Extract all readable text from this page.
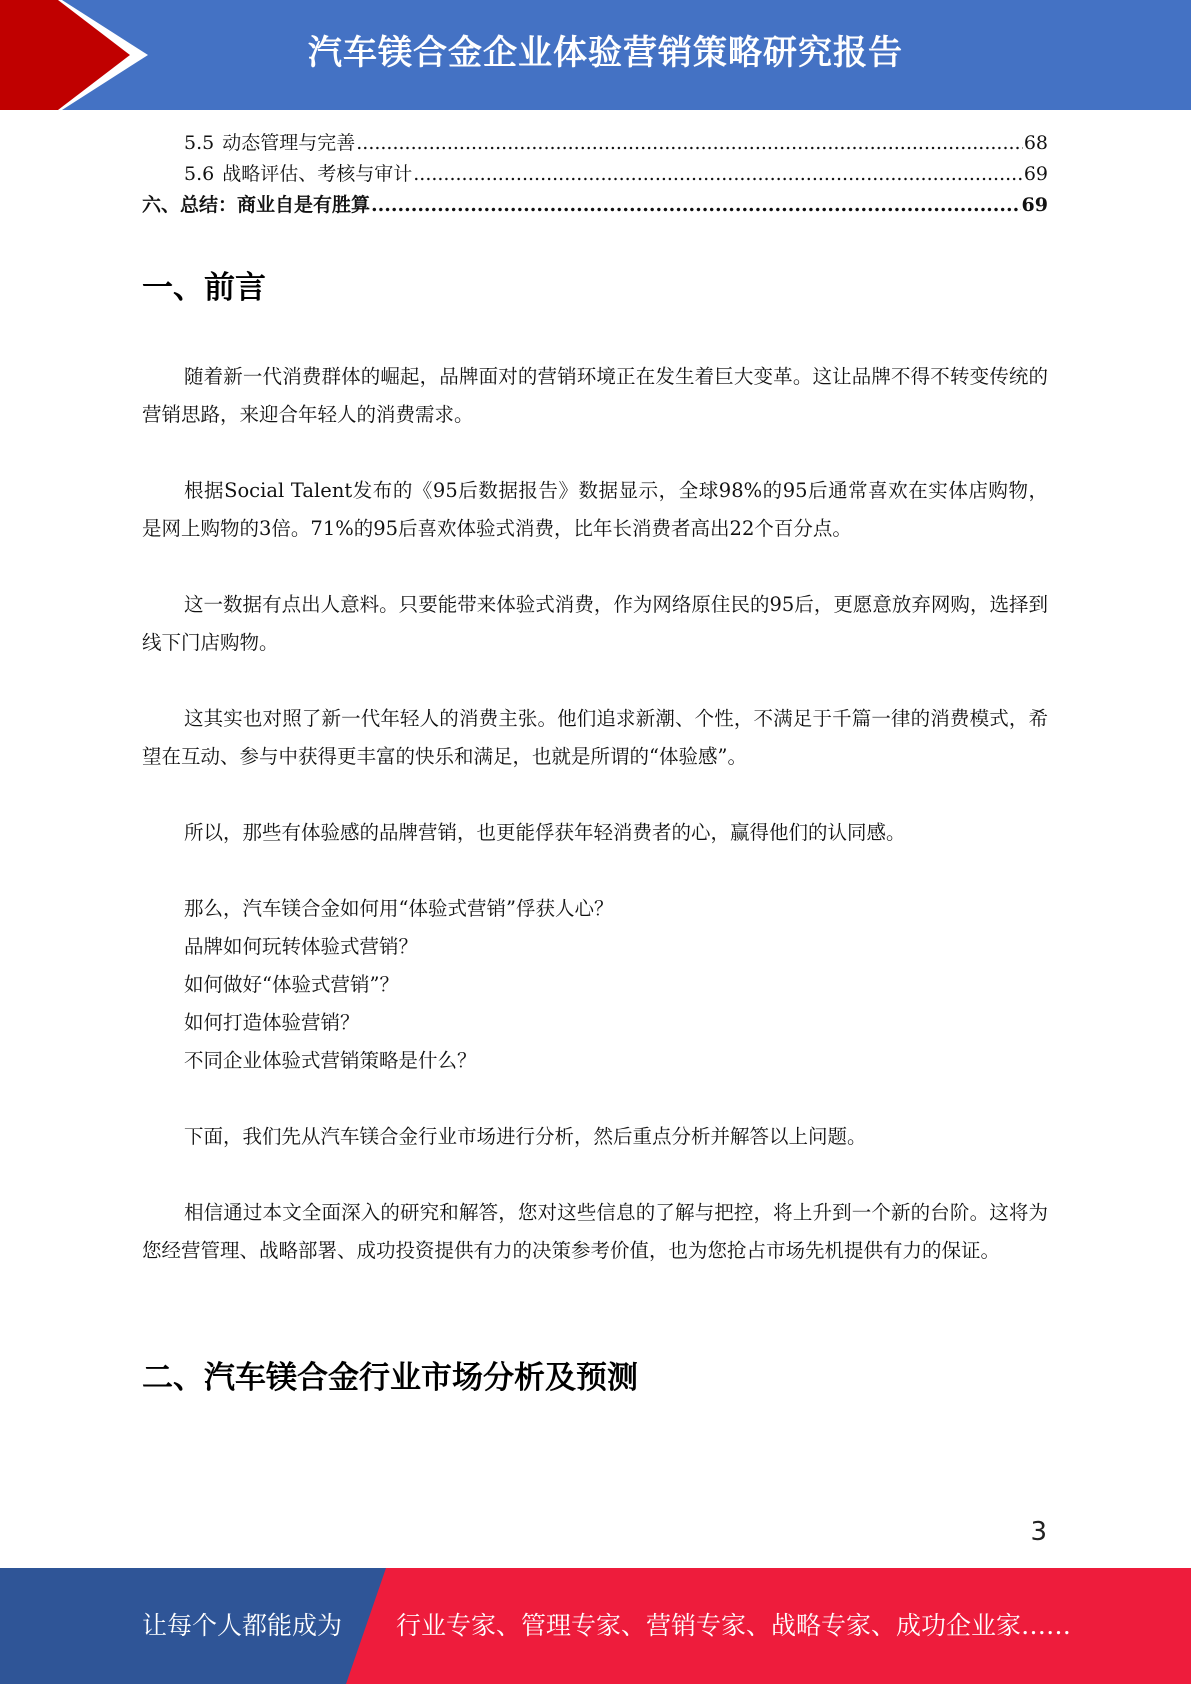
汽车镁合金企业体验营销策略研究报告
5.5 动态管理与完善 .....	68
5.6 战略评估、考核与审计 .....	69
六、总结：商业自是有胜算 .....	69
一、前言

随着新一代消费群体的崛起，品牌面对的营销环境正在发生着巨大变革。这让品牌不得不转变传统的营销思路，来迎合年轻人的消费需求。

根据Social Talent发布的《95后数据报告》数据显示，全球98%的95后通常喜欢在实体店购物，是网上购物的3倍。71%的95后喜欢体验式消费，比年长消费者高出22个百分点。

这一数据有点出人意料。只要能带来体验式消费，作为网络原住民的95后，更愿意放弃网购，选择到线下门店购物。

这其实也对照了新一代年轻人的消费主张。他们追求新潮、个性，不满足于千篇一律的消费模式，希望在互动、参与中获得更丰富的快乐和满足，也就是所谓的“体验感”。

所以，那些有体验感的品牌营销，也更能俘获年轻消费者的心，赢得他们的认同感。

那么，汽车镁合金如何用“体验式营销”俘获人心？

品牌如何玩转体验式营销？

如何做好“体验式营销”？

如何打造体验营销？

不同企业体验式营销策略是什么？

下面，我们先从汽车镁合金行业市场进行分析，然后重点分析并解答以上问题。

相信通过本文全面深入的研究和解答，您对这些信息的了解与把控，将上升到一个新的台阶。这将为您经营管理、战略部署、成功投资提供有力的决策参考价值，也为您抢占市场先机提供有力的保证。

二、汽车镁合金行业市场分析及预测
3
让每个人都能成为 行业专家、管理专家、营销专家、战略专家、成功企业家……
